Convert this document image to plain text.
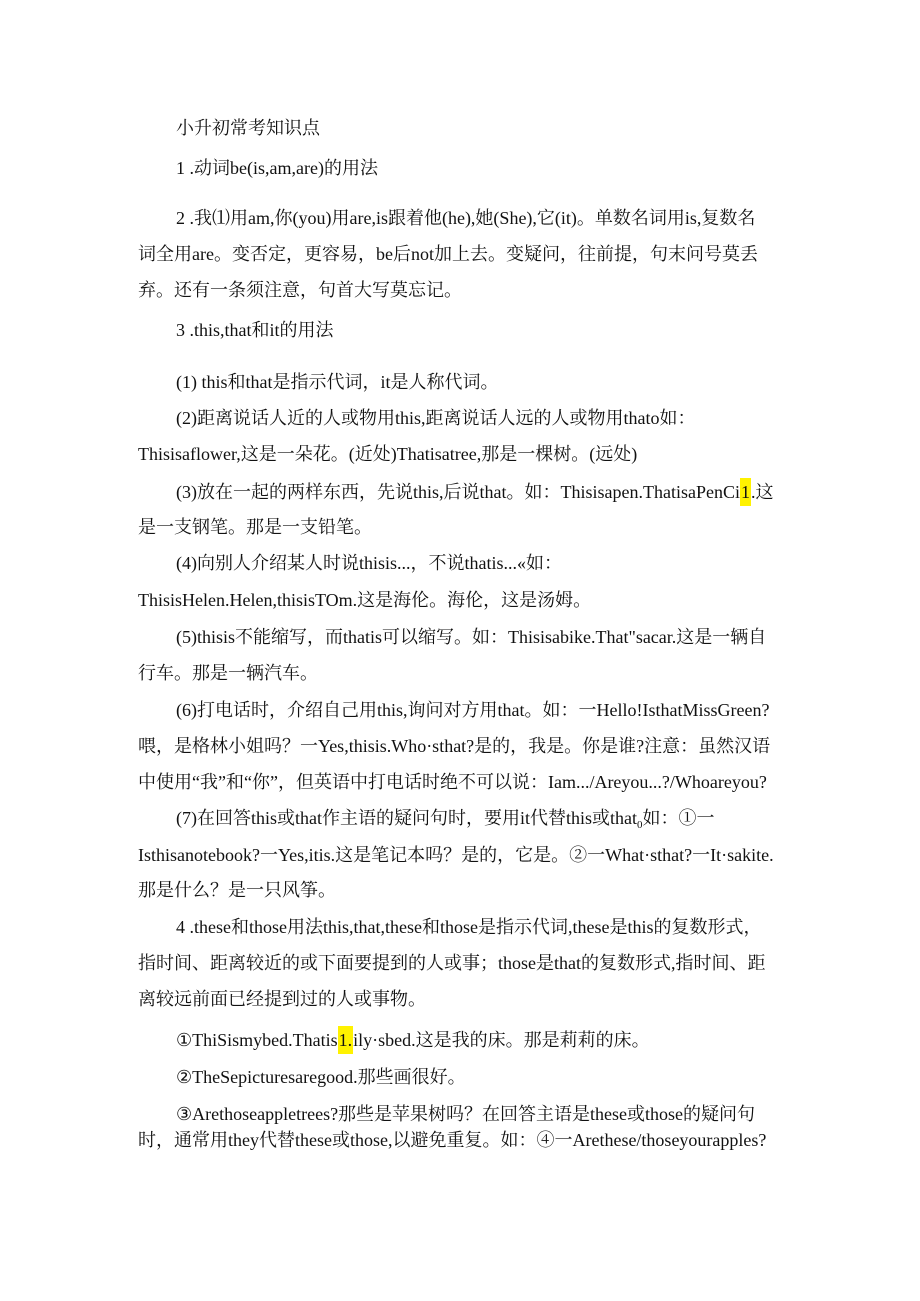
小升初常考知识点
1 .动词be(is,am,are)的用法
2 .我⑴用am,你(you)用are,is跟着他(he),她(She),它(it)。单数名词用is,复数名
词全用are。变否定，更容易，be后not加上去。变疑问，往前提，句末问号莫丢
弃。还有一条须注意，句首大写莫忘记。
3 .this,that和it的用法
(1) this和that是指示代词，it是人称代词。
(2)距离说话人近的人或物用this,距离说话人远的人或物用thato如：
Thisisaflower,这是一朵花。(近处)Thatisatree,那是一棵树。(远处)
(3)放在一起的两样东西，先说this,后说that。如：Thisisapen.ThatisaPenCi1.这
是一支钢笔。那是一支铅笔。
(4)向别人介绍某人时说thisis...，不说thatis...«如：
ThisisHelen.Helen,thisisTOm.这是海伦。海伦，这是汤姆。
(5)thisis不能缩写，而thatis可以缩写。如：Thisisabike.That"sacar.这是一辆自
行车。那是一辆汽车。
(6)打电话时，介绍自己用this,询问对方用that。如：一Hello!IsthatMissGreen?
喂，是格林小姐吗？一Yes,thisis.Who·sthat?是的，我是。你是谁?注意：虽然汉语
中使用“我”和“你”，但英语中打电话时绝不可以说：Iam.../Areyou...?/Whoareyou?
(7)在回答this或that作主语的疑问句时，要用it代替this或that$_0$如：①一
Isthisanotebook?一Yes,itis.这是笔记本吗？是的，它是。②一What·sthat?一It·sakite.
那是什么？是一只风筝。
4 .these和those用法this,that,these和those是指示代词,these是this的复数形式，
指时间、距离较近的或下面要提到的人或事；those是that的复数形式,指时间、距
离较远前面已经提到过的人或事物。
①ThiSismybed.Thatis1.ily·sbed.这是我的床。那是莉莉的床。
②TheSepicturesaregood.那些画很好。
③Arethoseappletrees?那些是苹果树吗？在回答主语是these或those的疑问句
时，通常用they代替these或those,以避免重复。如：④一Arethese/thoseyourapples?
